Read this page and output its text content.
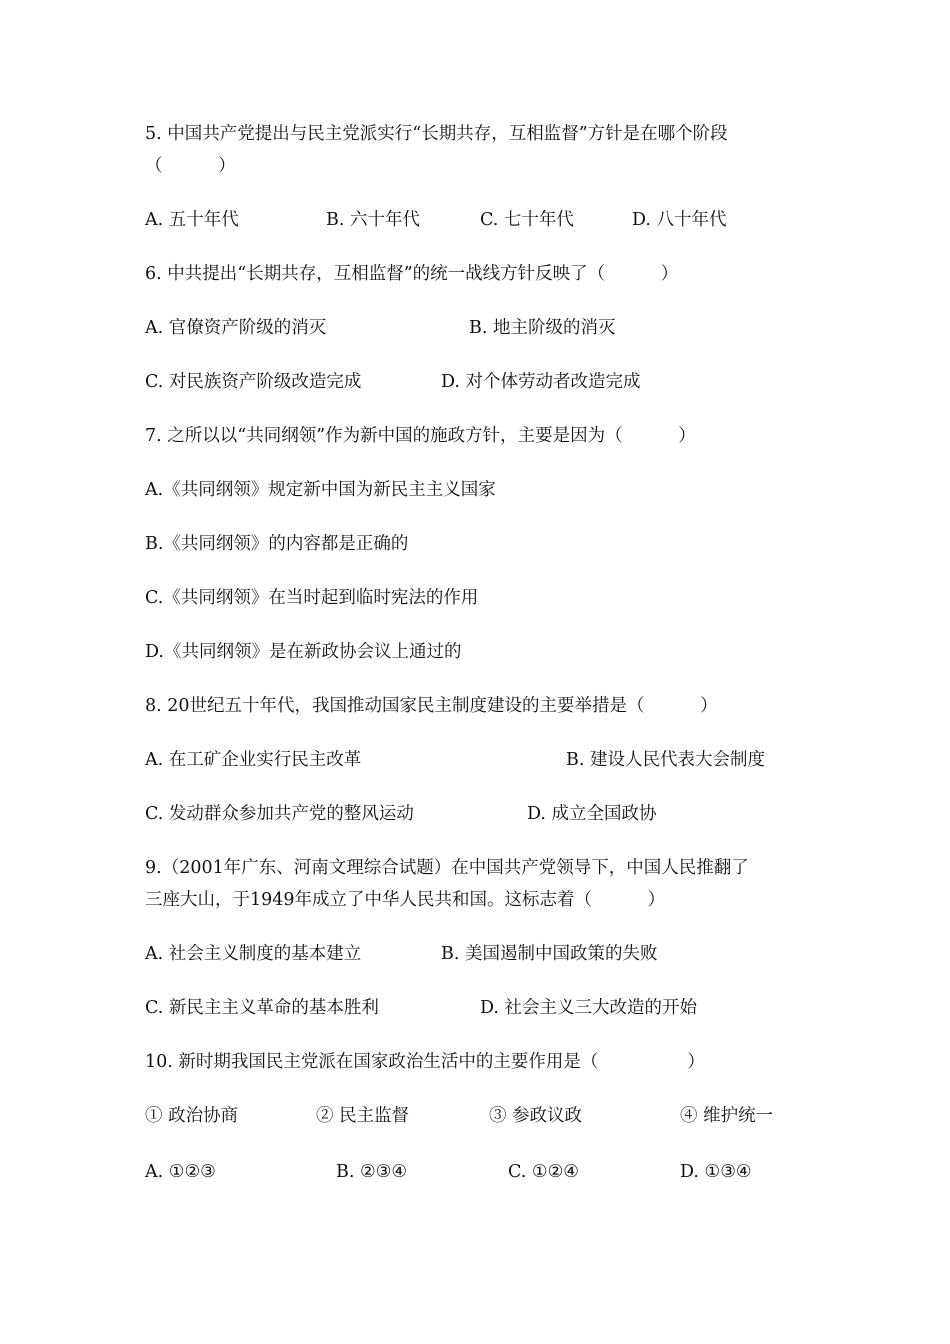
5. 中国共产党提出与民主党派实行“长期共存，互相监督”方针是在哪个阶段
（          ）
A. 五十年代	B. 六十年代	C. 七十年代	D. 八十年代
6. 中共提出“长期共存，互相监督”的统一战线方针反映了（          ）
A. 官僚资产阶级的消灭	B. 地主阶级的消灭
C. 对民族资产阶级改造完成	D. 对个体劳动者改造完成
7. 之所以以“共同纲领”作为新中国的施政方针，主要是因为（          ）
A.《共同纲领》规定新中国为新民主主义国家
B.《共同纲领》的内容都是正确的
C.《共同纲领》在当时起到临时宪法的作用
D.《共同纲领》是在新政协会议上通过的
8. 20世纪五十年代，我国推动国家民主制度建设的主要举措是（          ）
A. 在工矿企业实行民主改革	B. 建设人民代表大会制度
C. 发动群众参加共产党的整风运动	D. 成立全国政协
9.（2001年广东、河南文理综合试题）在中国共产党领导下，中国人民推翻了
三座大山，于1949年成立了中华人民共和国。这标志着（          ）
A. 社会主义制度的基本建立	B. 美国遏制中国政策的失败
C. 新民主主义革命的基本胜利	D. 社会主义三大改造的开始
10. 新时期我国民主党派在国家政治生活中的主要作用是（                ）
① 政治协商	② 民主监督	③ 参政议政	④ 维护统一
A. ①②③	B. ②③④	C. ①②④	D. ①③④
